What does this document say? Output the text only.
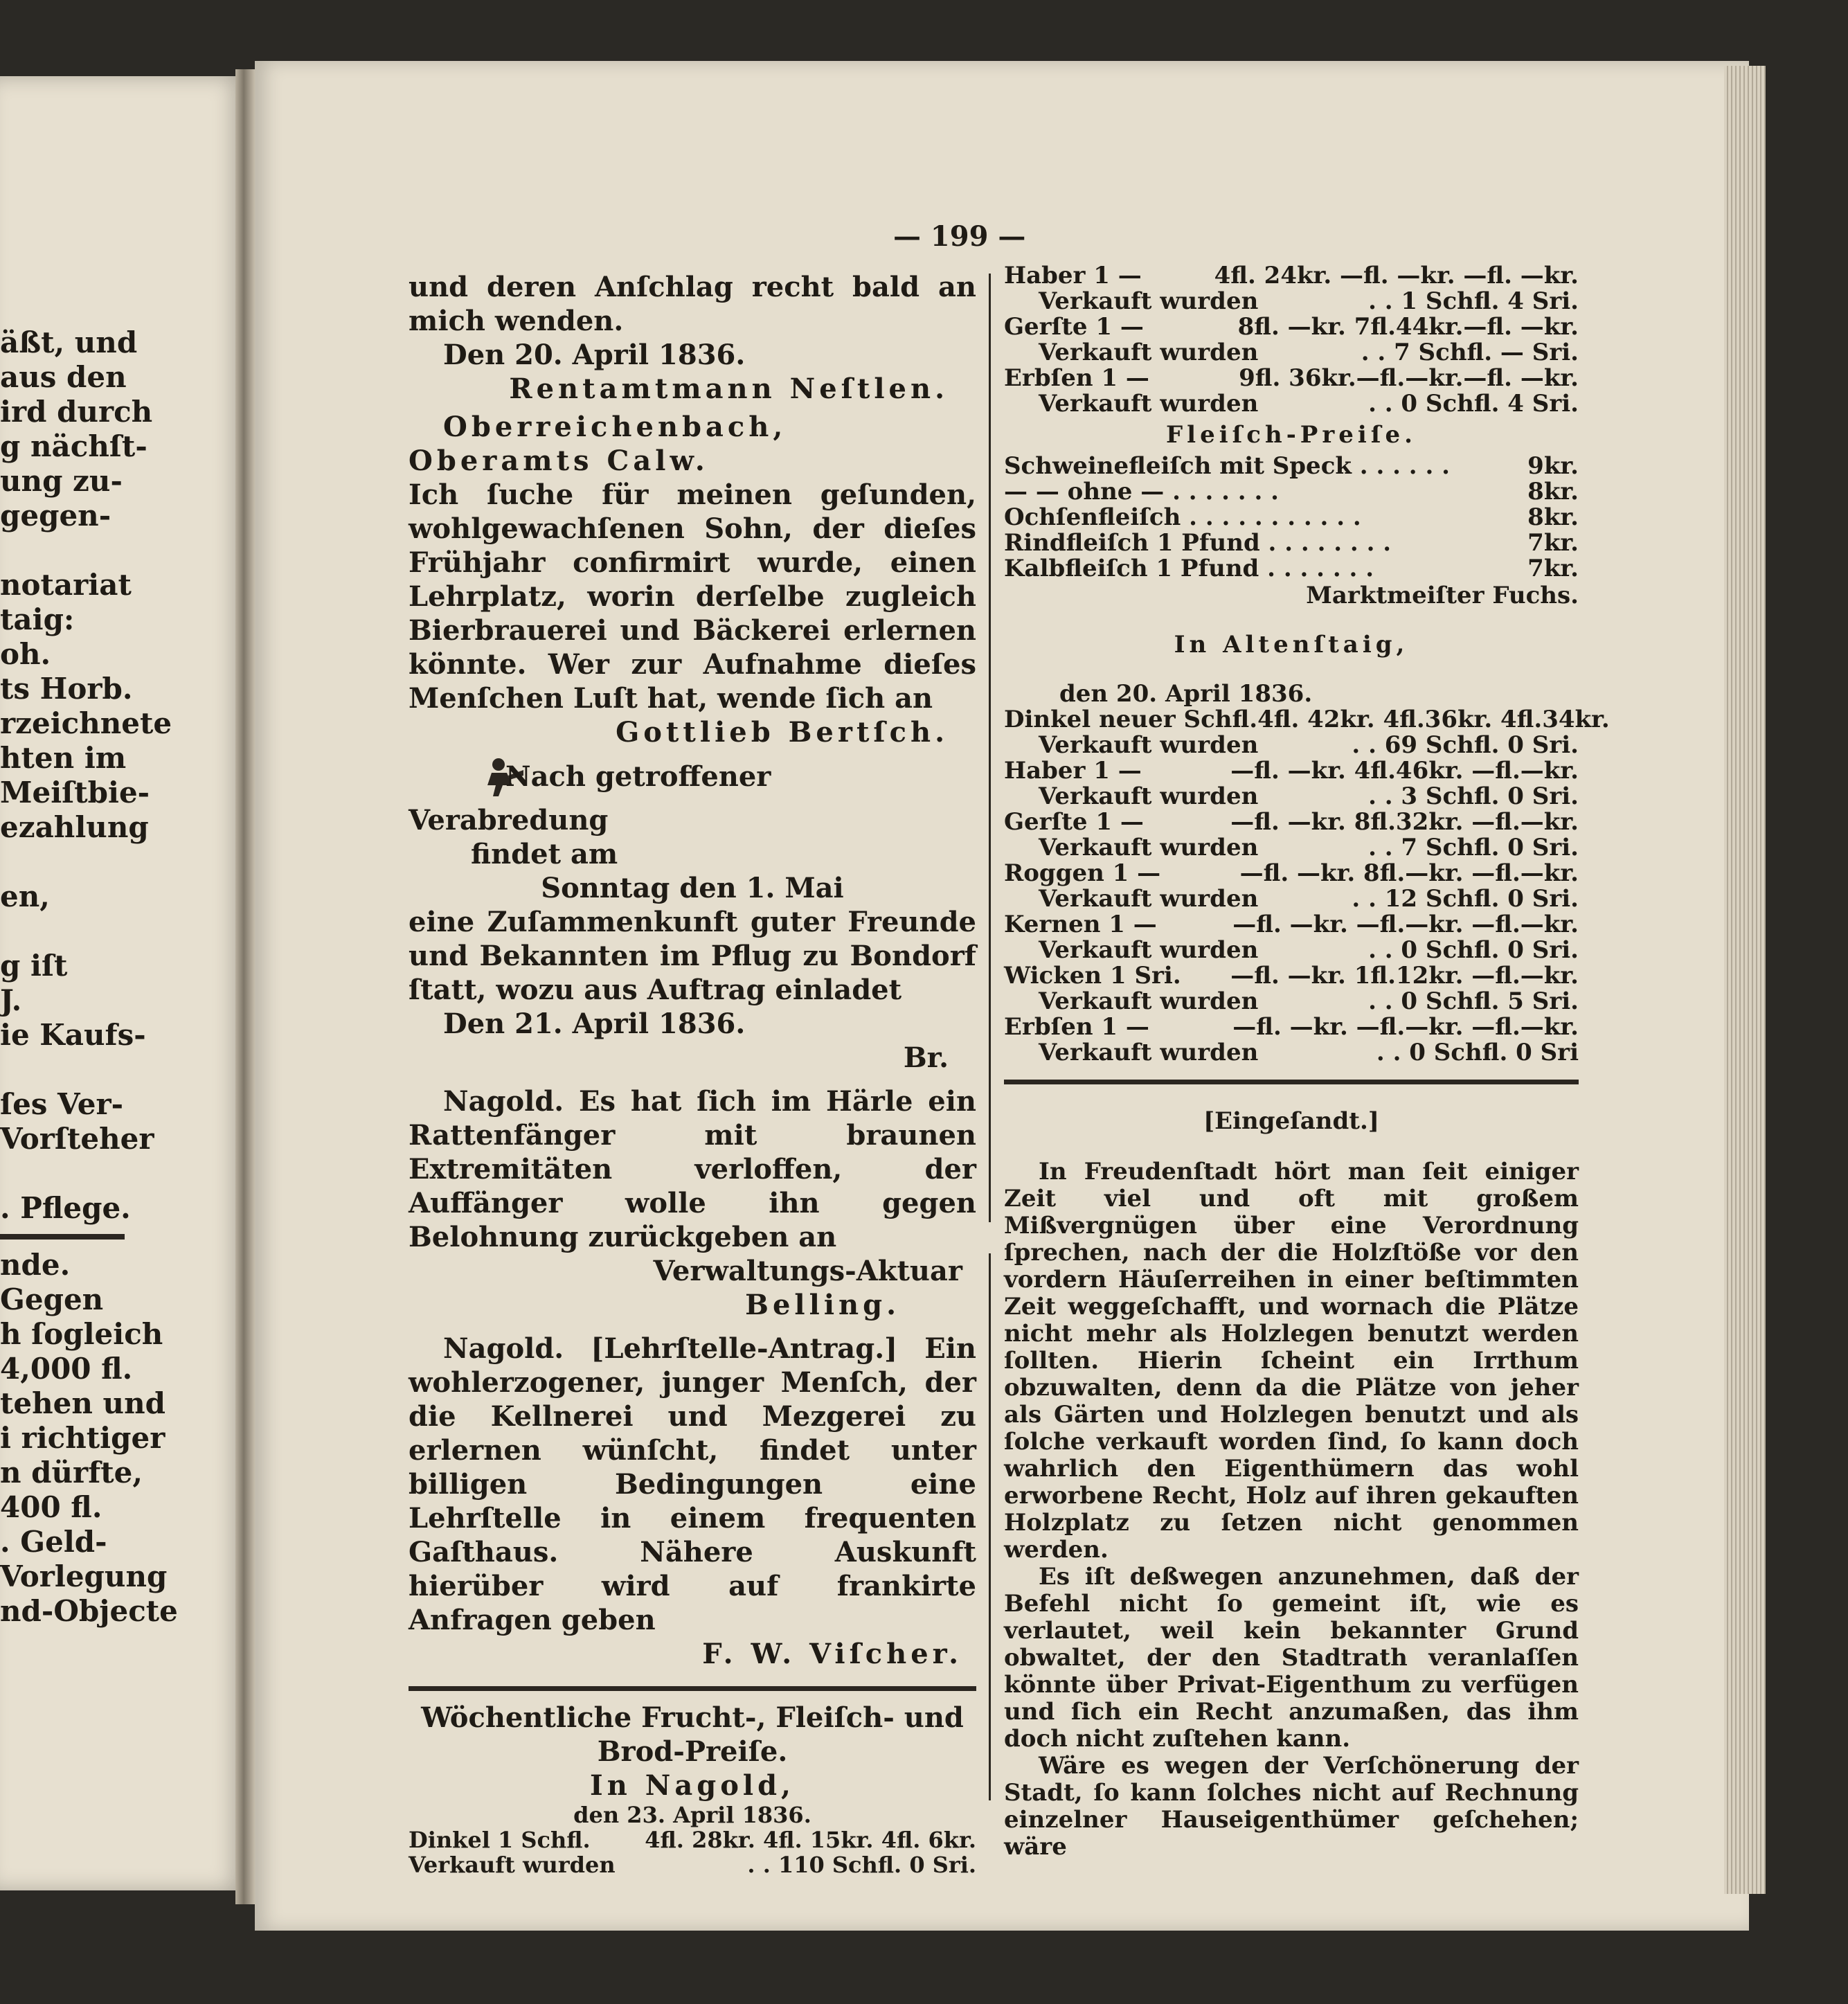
äßt, und
aus den
ird durch
g nächſt-
ung zu-
gegen-
notariat
taig:
oh.
ts Horb.
rzeichnete
hten im
Meiſtbie-
ezahlung
en,
g iſt
J.
ie Kaufs-
ſes Ver-
Vorſteher
. Pflege.
nde.
Gegen
h ſogleich
4,000 fl.
tehen und
i richtiger
n dürfte,
400 fl.
. Geld-
Vorlegung
nd-Objecte
— 199 —

und deren Anſchlag recht bald an mich wenden.

Den 20. April 1836.

Rentamtmann Neſtlen.

Oberreichenbach, Oberamts Calw.

Ich ſuche für meinen geſunden, wohlgewachſenen Sohn, der dieſes Frühjahr confirmirt wurde, einen Lehrplatz, worin derſelbe zugleich Bierbrauerei und Bäckerei erlernen könnte. Wer zur Aufnahme dieſes Menſchen Luſt hat, wende ſich an

Gottlieb Bertſch.

Nach getroffener Verabredung

findet am

Sonntag den 1. Mai

eine Zuſammenkunft guter Freunde und Bekannten im Pflug zu Bondorf ſtatt, wozu aus Auftrag einladet

Den 21. April 1836.

Br.

Nagold. Es hat ſich im Härle ein Rattenfänger mit braunen Extremitäten verloffen, der Auffänger wolle ihn gegen Belohnung zurückgeben an

Verwaltungs-Aktuar

Belling.

Nagold. [Lehrſtelle-Antrag.] Ein wohlerzogener, junger Menſch, der die Kellnerei und Mezgerei zu erlernen wünſcht, findet unter billigen Bedingungen eine Lehrſtelle in einem frequenten Gaſthaus. Nähere Auskunft hierüber wird auf frankirte Anfragen geben

F. W. Viſcher.

Wöchentliche Frucht-, Fleiſch- und Brod-Preiſe.

In Nagold,

den 23. April 1836.

Dinkel 1 Schfl.	4fl. 28kr. 4fl. 15kr. 4fl. 6kr.
Verkauft wurden	. . 110 Schfl. 0 Sri.
Haber 1 —	4fl. 24kr. —fl. —kr. —fl. —kr.
Verkauft wurden	. . 1 Schfl. 4 Sri.
Gerſte 1 —	8fl. —kr. 7fl.44kr.—fl. —kr.
Verkauft wurden	. . 7 Schfl. — Sri.
Erbſen 1 —	9fl. 36kr.—fl.—kr.—fl. —kr.
Verkauft wurden	. . 0 Schfl. 4 Sri.

Fleiſch-Preiſe.

Schweinefleiſch mit Speck . . . . . .	9kr.
— — ohne — . . . . . . .	8kr.
Ochſenfleiſch . . . . . . . . . . .	8kr.
Rindfleiſch 1 Pfund . . . . . . . .	7kr.
Kalbfleiſch 1 Pfund . . . . . . .	7kr.

Marktmeiſter Fuchs.

In Altenſtaig,

den 20. April 1836.

Dinkel neuer Schfl. 4fl. 42kr. 4fl.36kr. 4fl.34kr.
Verkauft wurden	. . 69 Schfl. 0 Sri.
Haber 1 —	—fl. —kr. 4fl.46kr. —fl.—kr.
Verkauft wurden	. . 3 Schfl. 0 Sri.
Gerſte 1 —	—fl. —kr. 8fl.32kr. —fl.—kr.
Verkauft wurden	. . 7 Schfl. 0 Sri.
Roggen 1 —	—fl. —kr. 8fl.—kr. —fl.—kr.
Verkauft wurden	. . 12 Schfl. 0 Sri.
Kernen 1 —	—fl. —kr. —fl.—kr. —fl.—kr.
Verkauft wurden	. . 0 Schfl. 0 Sri.
Wicken 1 Sri.	—fl. —kr. 1fl.12kr. —fl.—kr.
Verkauft wurden	. . 0 Schfl. 5 Sri.
Erbſen 1 —	—fl. —kr. —fl.—kr. —fl.—kr.
Verkauft wurden	. . 0 Schfl. 0 Sri

[Eingeſandt.]

In Freudenſtadt hört man ſeit einiger Zeit viel und oft mit großem Mißvergnügen über eine Verordnung ſprechen, nach der die Holzſtöße vor den vordern Häuſerreihen in einer beſtimmten Zeit weggeſchafft, und wornach die Plätze nicht mehr als Holzlegen benutzt werden ſollten. Hierin ſcheint ein Irrthum obzuwalten, denn da die Plätze von jeher als Gärten und Holzlegen benutzt und als ſolche verkauft worden ſind, ſo kann doch wahrlich den Eigenthümern das wohl erworbene Recht, Holz auf ihren gekauften Holzplatz zu ſetzen nicht genommen werden.

Es iſt deßwegen anzunehmen, daß der Befehl nicht ſo gemeint iſt, wie es verlautet, weil kein bekannter Grund obwaltet, der den Stadtrath veranlaſſen könnte über Privat-Eigenthum zu verfügen und ſich ein Recht anzumaßen, das ihm doch nicht zuſtehen kann.

Wäre es wegen der Verſchönerung der Stadt, ſo kann ſolches nicht auf Rechnung einzelner Hauseigenthümer geſchehen; wäre
